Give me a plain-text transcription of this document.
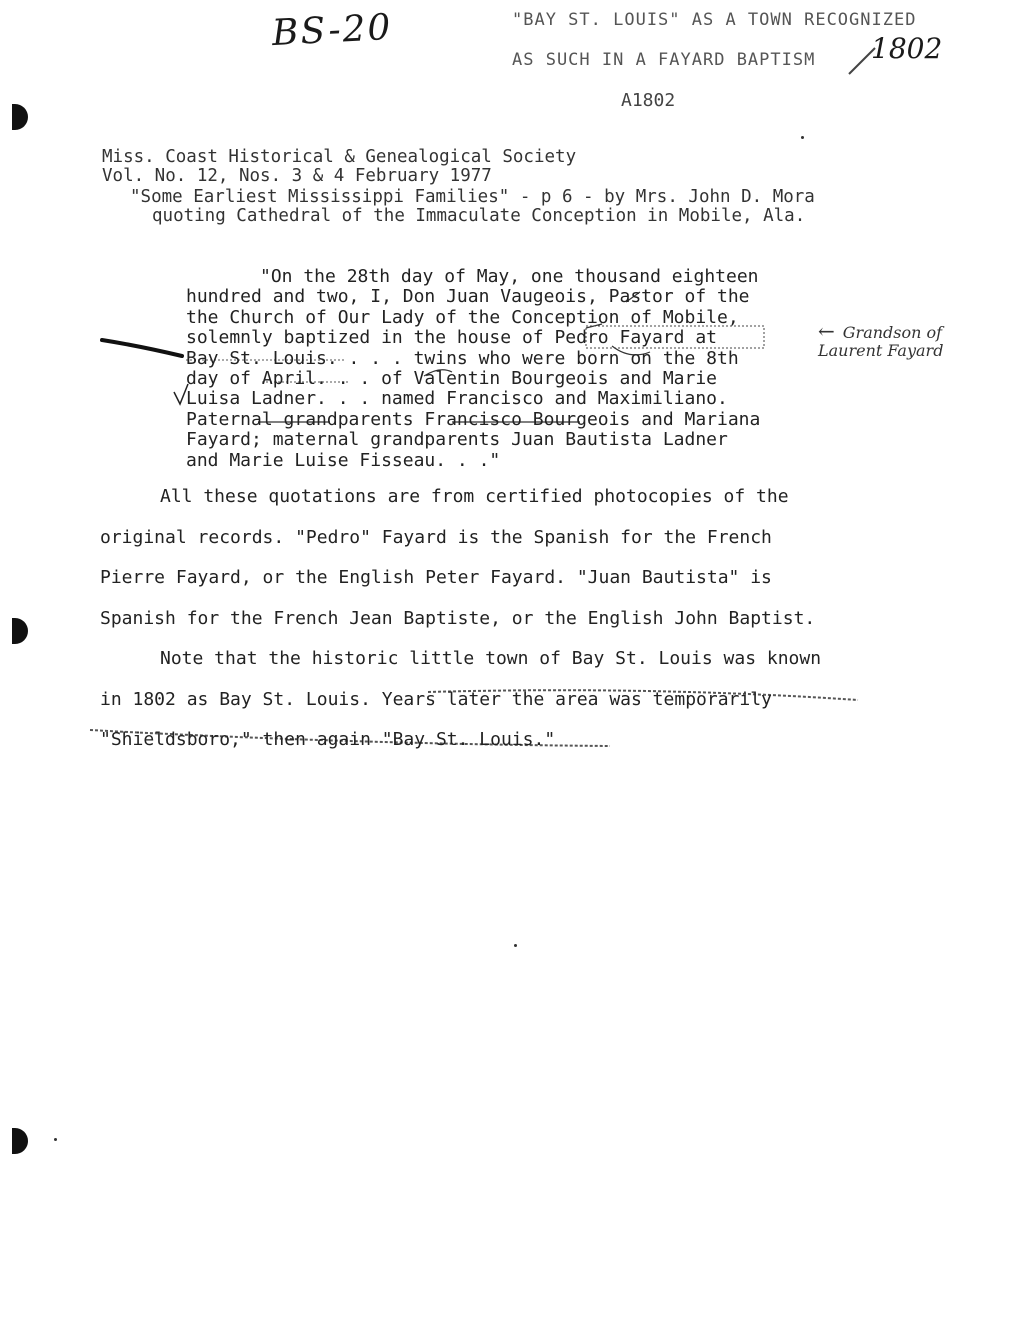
BS-20	"BAY ST. LOUIS" AS A TOWN RECOGNIZED
AS SUCH IN A FAYARD BAPTISM 1802
A1802
Miss. Coast Historical & Genealogical Society
Vol. No. 12, Nos. 3 & 4 February 1977
"Some Earliest Mississippi Families" - p 6 - by Mrs. John D. Mora
quoting Cathedral of the Immaculate Conception in Mobile, Ala.
"On the 28th day of May, one thousand eighteen
hundred and two, I, Don Juan Vaugeois, Pastor of the
the Church of Our Lady of the Conception of Mobile,
solemnly baptized in the house of Pedro Fayard at
Bay St. Louis. . . . twins who were born on the 8th
day of April. . . of Valentin Bourgeois and Marie
Luisa Ladner. . . named Francisco and Maximiliano.
Paternal grandparents Francisco Bourgeois and Mariana
Fayard; maternal grandparents Juan Bautista Ladner
and Marie Luise Fisseau. . ."
← Grandson of Laurent Fayard
All these quotations are from certified photocopies of the
original records. "Pedro" Fayard is the Spanish for the French
Pierre Fayard, or the English Peter Fayard. "Juan Bautista" is
Spanish for the French Jean Baptiste, or the English John Baptist.
Note that the historic little town of Bay St. Louis was known
in 1802 as Bay St. Louis. Years later the area was temporarily
"Shieldsboro," then again "Bay St. Louis."
